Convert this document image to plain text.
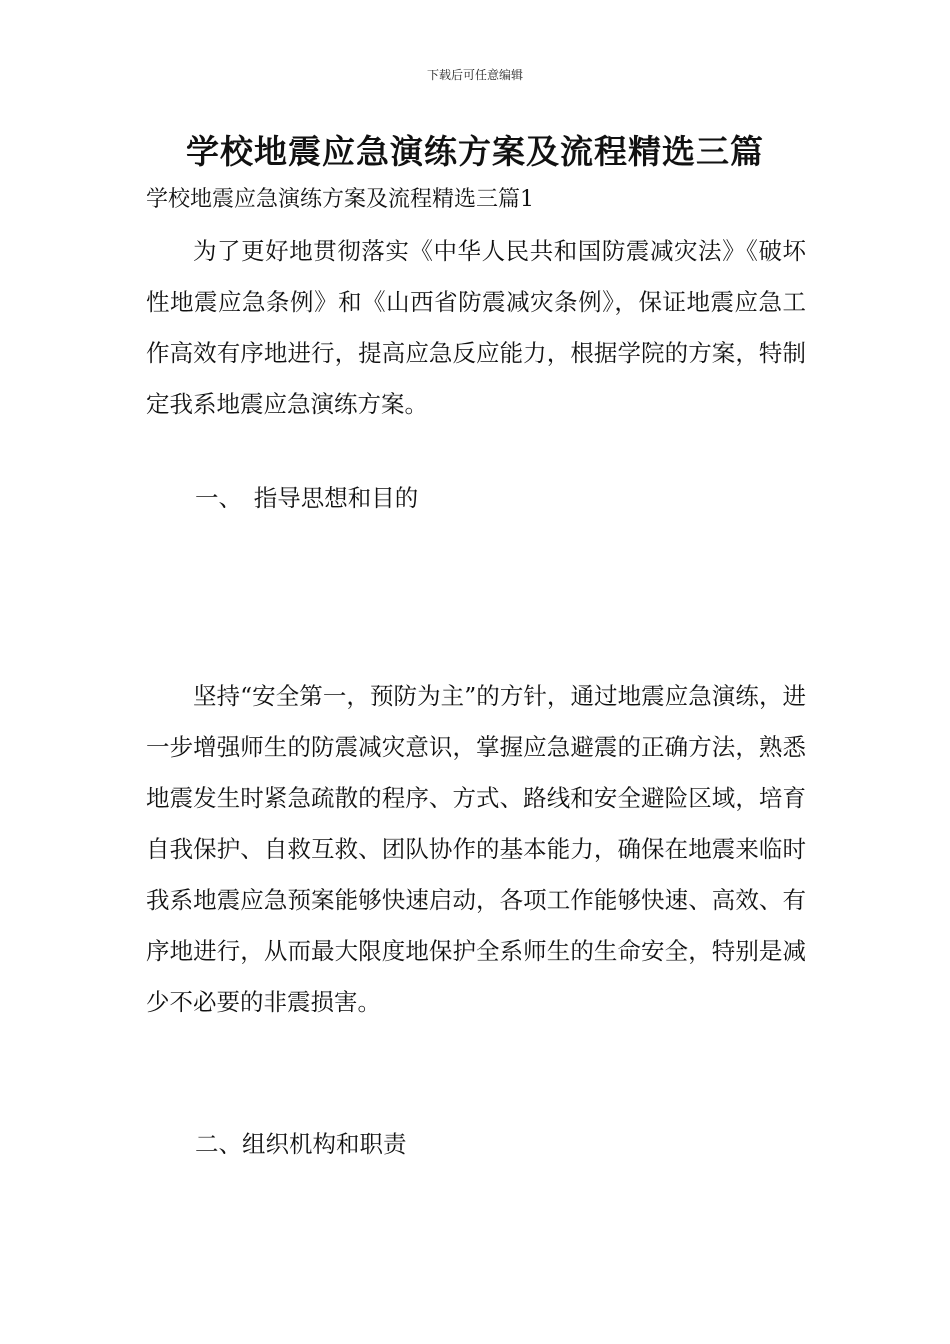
下载后可任意编辑
学校地震应急演练方案及流程精选三篇
学校地震应急演练方案及流程精选三篇1

为了更好地贯彻落实《中华人民共和国防震减灾法》《破坏性地震应急条例》和《山西省防震减灾条例》，保证地震应急工作高效有序地进行，提高应急反应能力，根据学院的方案，特制定我系地震应急演练方案。

一、　指导思想和目的

坚持“安全第一，预防为主”的方针，通过地震应急演练，进一步增强师生的防震减灾意识，掌握应急避震的正确方法，熟悉地震发生时紧急疏散的程序、方式、路线和安全避险区域，培育自我保护、自救互救、团队协作的基本能力，确保在地震来临时我系地震应急预案能够快速启动，各项工作能够快速、高效、有序地进行，从而最大限度地保护全系师生的生命安全，特别是减少不必要的非震损害。

二、组织机构和职责
